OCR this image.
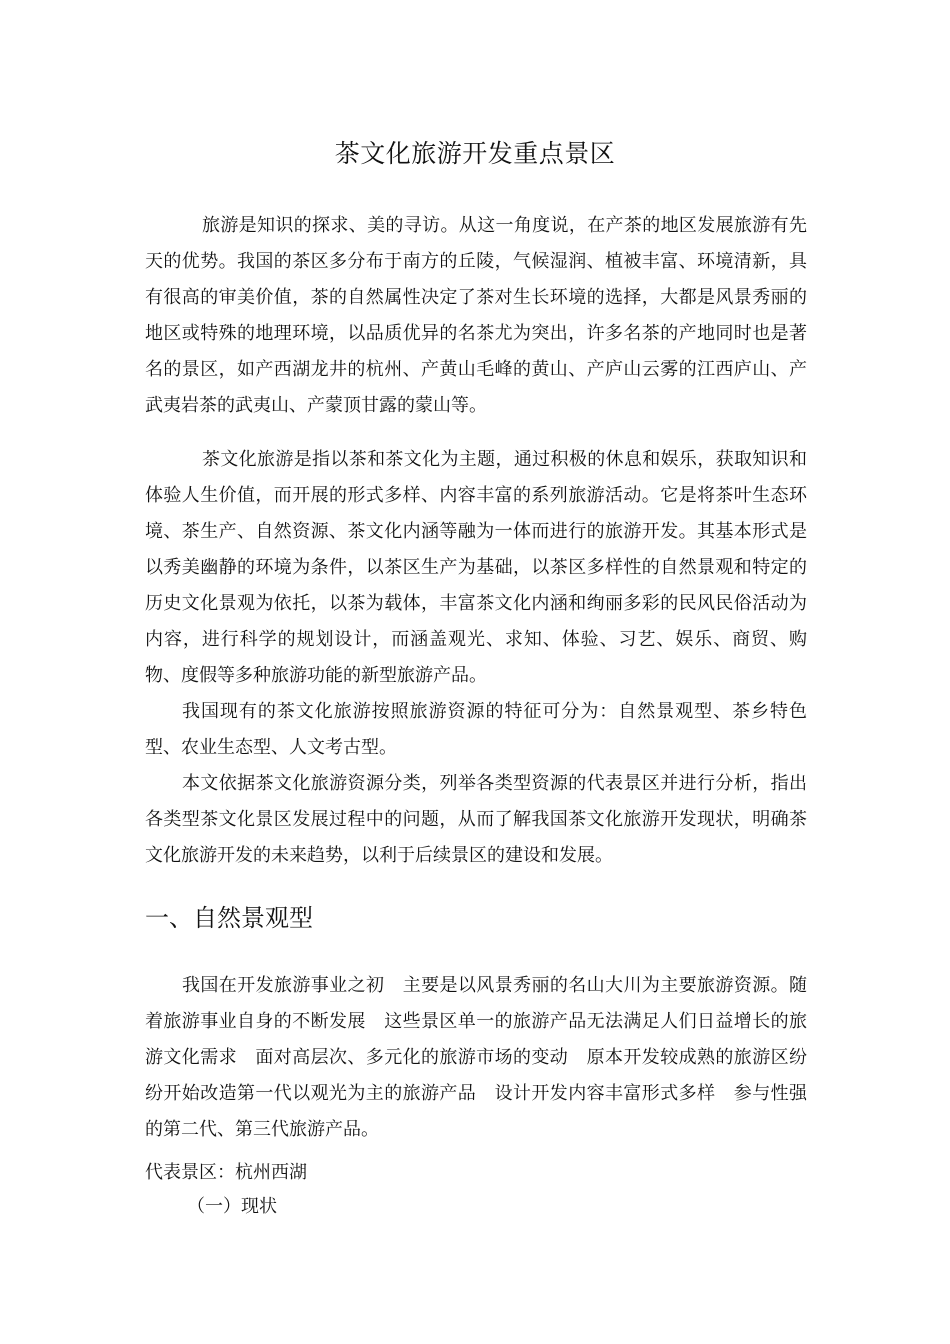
茶文化旅游开发重点景区

旅游是知识的探求、美的寻访。从这一角度说，在产茶的地区发展旅游有先天的优势。我国的茶区多分布于南方的丘陵，气候湿润、植被丰富、环境清新，具有很高的审美价值，茶的自然属性决定了茶对生长环境的选择，大都是风景秀丽的地区或特殊的地理环境，以品质优异的名茶尤为突出，许多名茶的产地同时也是著名的景区，如产西湖龙井的杭州、产黄山毛峰的黄山、产庐山云雾的江西庐山、产武夷岩茶的武夷山、产蒙顶甘露的蒙山等。

茶文化旅游是指以茶和茶文化为主题，通过积极的休息和娱乐，获取知识和体验人生价值，而开展的形式多样、内容丰富的系列旅游活动。它是将茶叶生态环境、茶生产、自然资源、茶文化内涵等融为一体而进行的旅游开发。其基本形式是以秀美幽静的环境为条件，以茶区生产为基础，以茶区多样性的自然景观和特定的历史文化景观为依托，以茶为载体，丰富茶文化内涵和绚丽多彩的民风民俗活动为内容，进行科学的规划设计，而涵盖观光、求知、体验、习艺、娱乐、商贸、购物、度假等多种旅游功能的新型旅游产品。

我国现有的茶文化旅游按照旅游资源的特征可分为：自然景观型、茶乡特色型、农业生态型、人文考古型。

本文依据茶文化旅游资源分类，列举各类型资源的代表景区并进行分析，指出各类型茶文化景区发展过程中的问题，从而了解我国茶文化旅游开发现状，明确茶文化旅游开发的未来趋势，以利于后续景区的建设和发展。

一、自然景观型

我国在开发旅游事业之初　主要是以风景秀丽的名山大川为主要旅游资源。随着旅游事业自身的不断发展　这些景区单一的旅游产品无法满足人们日益增长的旅游文化需求　面对高层次、多元化的旅游市场的变动　原本开发较成熟的旅游区纷纷开始改造第一代以观光为主的旅游产品　设计开发内容丰富形式多样　参与性强的第二代、第三代旅游产品。

代表景区：杭州西湖

（一）现状
